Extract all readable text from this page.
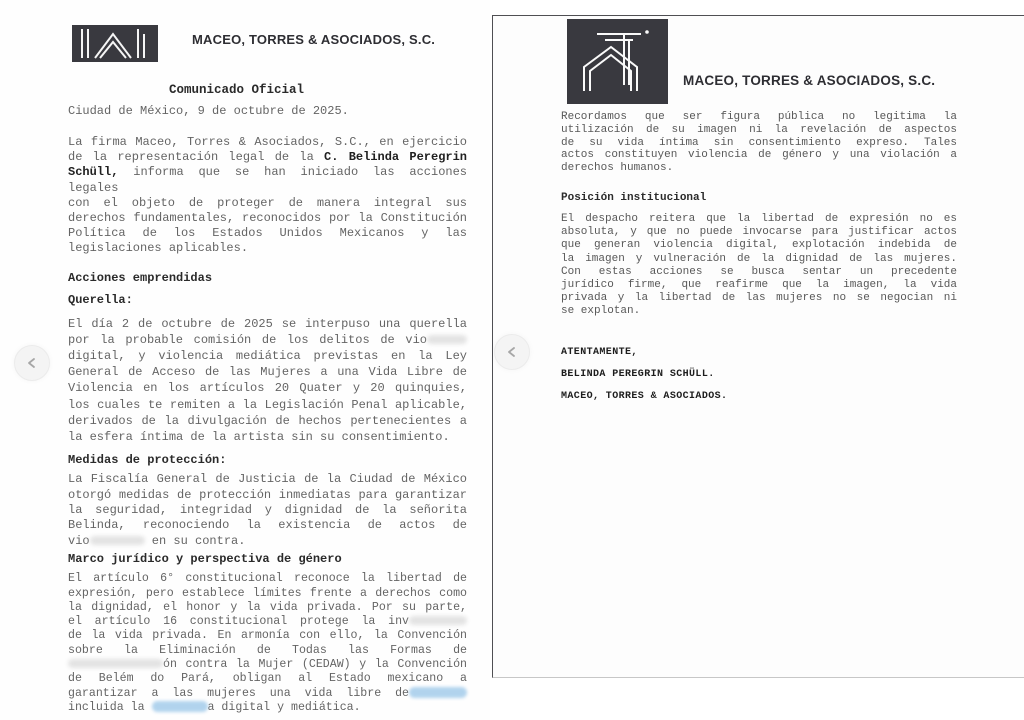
MACEO, TORRES & ASOCIADOS, S.C.
Comunicado Oficial
Ciudad de México, 9 de octubre de 2025.
La firma Maceo, Torres & Asociados, S.C., en ejercicio
de la representación legal de la C. Belinda Peregrin
Schüll, informa que se han iniciado las acciones legales
con el objeto de proteger de manera integral sus
derechos fundamentales, reconocidos por la Constitución
Política de los Estados Unidos Mexicanos y las
legislaciones aplicables.
Acciones emprendidas
Querella:
El día 2 de octubre de 2025 se interpuso una querella
por la probable comisión de los delitos de vio
digital, y violencia mediática previstas en la Ley
General de Acceso de las Mujeres a una Vida Libre de
Violencia en los artículos 20 Quater y 20 quinquies,
los cuales te remiten a la Legislación Penal aplicable,
derivados de la divulgación de hechos pertenecientes a
la esfera íntima de la artista sin su consentimiento.
Medidas de protección:
La Fiscalía General de Justicia de la Ciudad de México
otorgó medidas de protección inmediatas para garantizar
la seguridad, integridad y dignidad de la señorita
Belinda, reconociendo la existencia de actos de
vio	en su contra.
Marco jurídico y perspectiva de género
El artículo 6° constitucional reconoce la libertad de
expresión, pero establece límites frente a derechos como
la dignidad, el honor y la vida privada. Por su parte,
el artículo 16 constitucional protege la inv
de la vida privada. En armonía con ello, la Convención
sobre la Eliminación de Todas las Formas de
ón contra la Mujer (CEDAW) y la Convención
de Belém do Pará, obligan al Estado mexicano a
garantizar a las mujeres una vida libre de
incluida la	a digital y mediática.
MACEO, TORRES & ASOCIADOS, S.C.
Recordamos que ser figura pública no legitima la
utilización de su imagen ni la revelación de aspectos
de su vida íntima sin consentimiento expreso. Tales
actos constituyen violencia de género y una violación a
derechos humanos.
Posición institucional
El despacho reitera que la libertad de expresión no es
absoluta, y que no puede invocarse para justificar actos
que generan violencia digital, explotación indebida de
la imagen y vulneración de la dignidad de las mujeres.
Con estas acciones se busca sentar un precedente
jurídico firme, que reafirme que la imagen, la vida
privada y la libertad de las mujeres no se negocian ni
se explotan.
ATENTAMENTE,
BELINDA PEREGRIN SCHÜLL.
MACEO, TORRES & ASOCIADOS.
